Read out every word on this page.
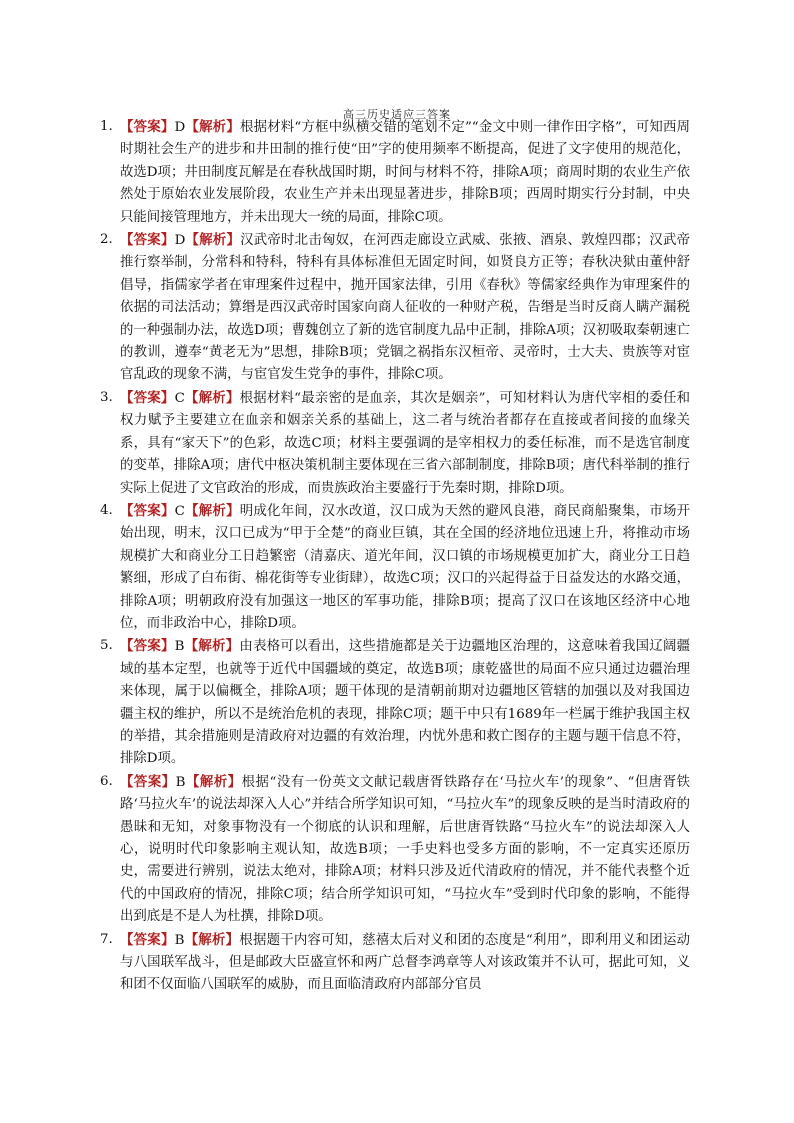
高三历史适应三答案
1. 【答案】D【解析】根据材料“方框中纵横交错的笔划不定”“金文中则一律作田字格”，可知西周时期社会生产的进步和井田制的推行使“田”字的使用频率不断提高，促进了文字使用的规范化，故选D项；井田制度瓦解是在春秋战国时期，时间与材料不符，排除A项；商周时期的农业生产依然处于原始农业发展阶段，农业生产并未出现显著进步，排除B项；西周时期实行分封制，中央只能间接管理地方，并未出现大一统的局面，排除C项。
2. 【答案】D【解析】汉武帝时北击匈奴，在河西走廊设立武威、张掖、酒泉、敦煌四郡；汉武帝推行察举制，分常科和特科，特科有具体标准但无固定时间，如贤良方正等；春秋决狱由董仲舒倡导，指儒家学者在审理案件过程中，抛开国家法律，引用《春秋》等儒家经典作为审理案件的依据的司法活动；算缗是西汉武帝时国家向商人征收的一种财产税，告缗是当时反商人瞒产漏税的一种强制办法，故选D项；曹魏创立了新的选官制度九品中正制，排除A项；汉初吸取秦朝速亡的教训，遵奉“黄老无为”思想，排除B项；党锢之祸指东汉桓帝、灵帝时，士大夫、贵族等对宦官乱政的现象不满，与宦官发生党争的事件，排除C项。
3. 【答案】C【解析】根据材料“最亲密的是血亲，其次是姻亲”，可知材料认为唐代宰相的委任和权力赋予主要建立在血亲和姻亲关系的基础上，这二者与统治者都存在直接或者间接的血缘关系，具有“家天下”的色彩，故选C项；材料主要强调的是宰相权力的委任标准，而不是选官制度的变革，排除A项；唐代中枢决策机制主要体现在三省六部制制度，排除B项；唐代科举制的推行实际上促进了文官政治的形成，而贵族政治主要盛行于先秦时期，排除D项。
4. 【答案】C【解析】明成化年间，汉水改道，汉口成为天然的避风良港，商民商船聚集，市场开始出现，明末，汉口已成为“甲于全楚”的商业巨镇，其在全国的经济地位迅速上升，将推动市场规模扩大和商业分工日趋繁密（清嘉庆、道光年间，汉口镇的市场规模更加扩大，商业分工日趋繁细，形成了白布街、棉花街等专业街肆），故选C项；汉口的兴起得益于日益发达的水路交通，排除A项；明朝政府没有加强这一地区的军事功能，排除B项；提高了汉口在该地区经济中心地位，而非政治中心，排除D项。
5. 【答案】B【解析】由表格可以看出，这些措施都是关于边疆地区治理的，这意味着我国辽阔疆域的基本定型，也就等于近代中国疆域的奠定，故选B项；康乾盛世的局面不应只通过边疆治理来体现，属于以偏概全，排除A项；题干体现的是清朝前期对边疆地区管辖的加强以及对我国边疆主权的维护，所以不是统治危机的表现，排除C项；题干中只有1689年一栏属于维护我国主权的举措，其余措施则是清政府对边疆的有效治理，内忧外患和救亡图存的主题与题干信息不符，排除D项。
6. 【答案】B【解析】根据“没有一份英文文献记载唐胥铁路存在‘马拉火车’的现象”、“但唐胥铁路‘马拉火车’的说法却深入人心”并结合所学知识可知，“马拉火车”的现象反映的是当时清政府的愚昧和无知，对象事物没有一个彻底的认识和理解，后世唐胥铁路“马拉火车”的说法却深入人心，说明时代印象影响主观认知，故选B项；一手史料也受多方面的影响，不一定真实还原历史，需要进行辨别，说法太绝对，排除A项；材料只涉及近代清政府的情况，并不能代表整个近代的中国政府的情况，排除C项；结合所学知识可知，“马拉火车”受到时代印象的影响，不能得出到底是不是人为杜撰，排除D项。
7. 【答案】B【解析】根据题干内容可知，慈禧太后对义和团的态度是“利用”，即利用义和团运动与八国联军战斗，但是邮政大臣盛宣怀和两广总督李鸿章等人对该政策并不认可，据此可知，义和团不仅面临八国联军的威胁，而且面临清政府内部部分官员
